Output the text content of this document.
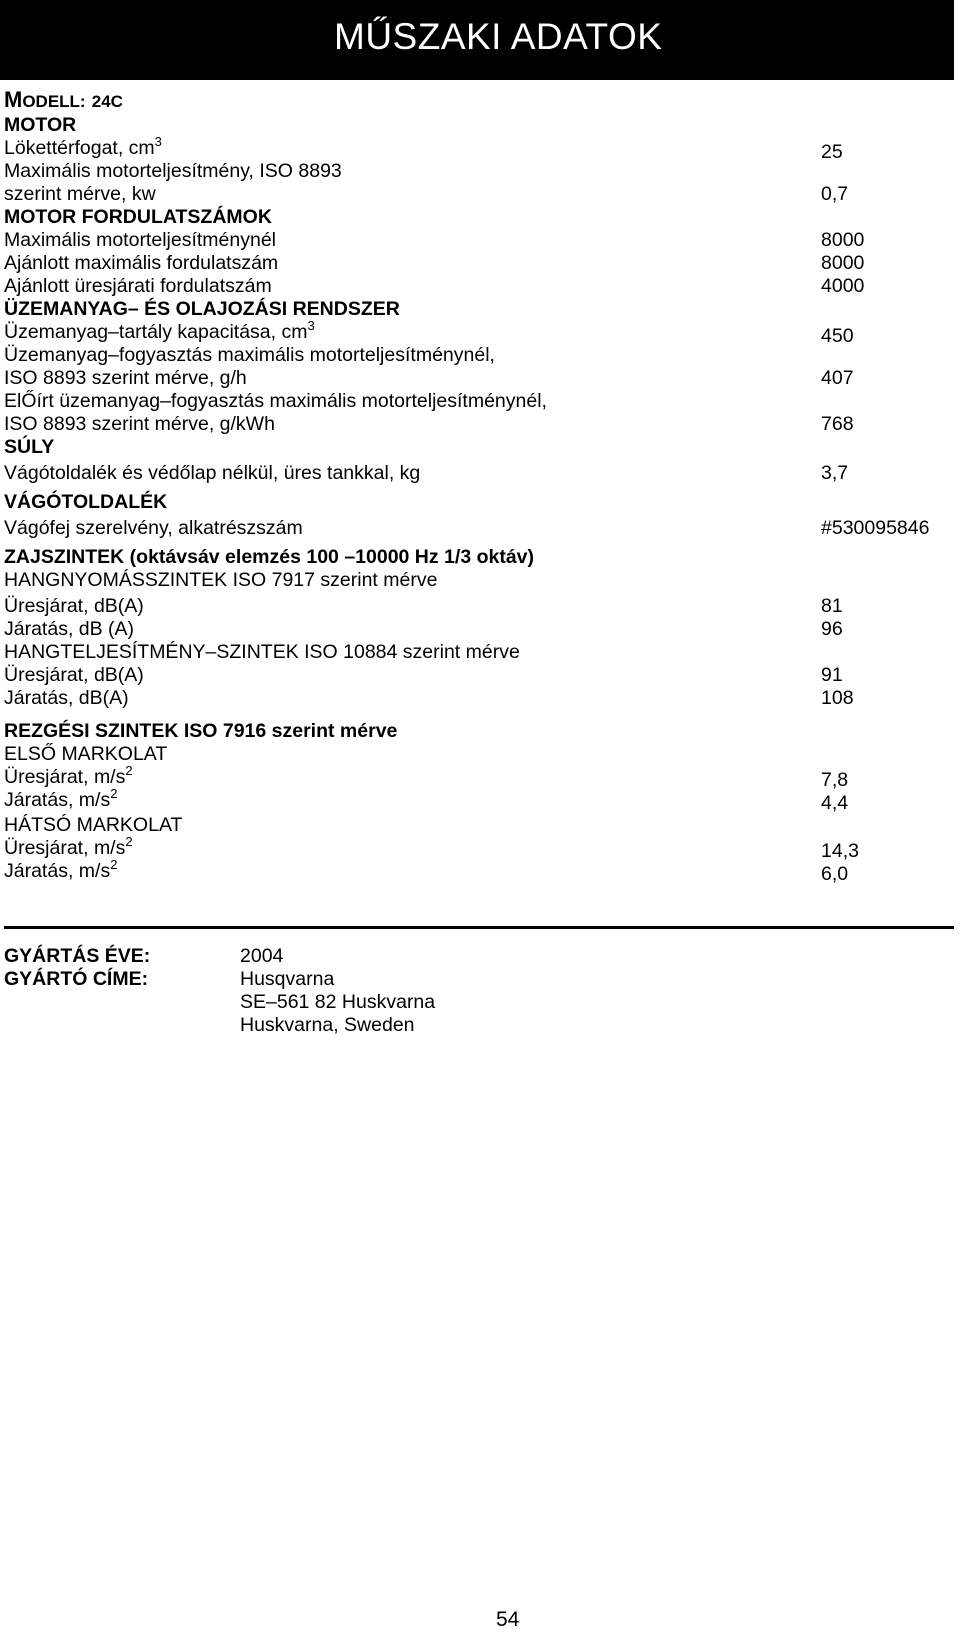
MŰSZAKI ADATOK
MODELL: 24C
MOTOR
Lökettérfogat, $cm^3$	25
Maximális motorteljesítmény, ISO 8893
szerint mérve, kw	0,7
MOTOR FORDULATSZÁMOK
Maximális motorteljesítménynél	8000
Ajánlott maximális fordulatszám	8000
Ajánlott üresjárati fordulatszám	4000
ÜZEMANYAG– ÉS OLAJOZÁSI RENDSZER
Üzemanyag–tartály kapacitása, $cm^3$	450
Üzemanyag–fogyasztás maximális motorteljesítménynél,
ISO 8893 szerint mérve, g/h	407
ElŐírt üzemanyag–fogyasztás maximális motorteljesítménynél,
ISO 8893 szerint mérve, g/kWh	768
SÚLY
Vágótoldalék és védőlap nélkül, üres tankkal, kg	3,7
VÁGÓTOLDALÉK
Vágófej szerelvény, alkatrészszám	#530095846
ZAJSZINTEK (oktávsáv elemzés 100 –10000 Hz 1/3 oktáv)
HANGNYOMÁSSZINTEK ISO 7917 szerint mérve
Üresjárat, dB(A)	81
Járatás, dB (A)	96
HANGTELJESÍTMÉNY–SZINTEK ISO 10884 szerint mérve
Üresjárat, dB(A)	91
Járatás, dB(A)	108
REZGÉSI SZINTEK ISO 7916 szerint mérve
ELSŐ MARKOLAT
Üresjárat, $m/s^2$	7,8
Járatás, $m/s^2$	4,4
HÁTSÓ MARKOLAT
Üresjárat, $m/s^2$	14,3
Járatás, $m/s^2$	6,0
GYÁRTÁS ÉVE:	2004
GYÁRTÓ CÍME:	Husqvarna
SE–561 82 Huskvarna
Huskvarna, Sweden
54
